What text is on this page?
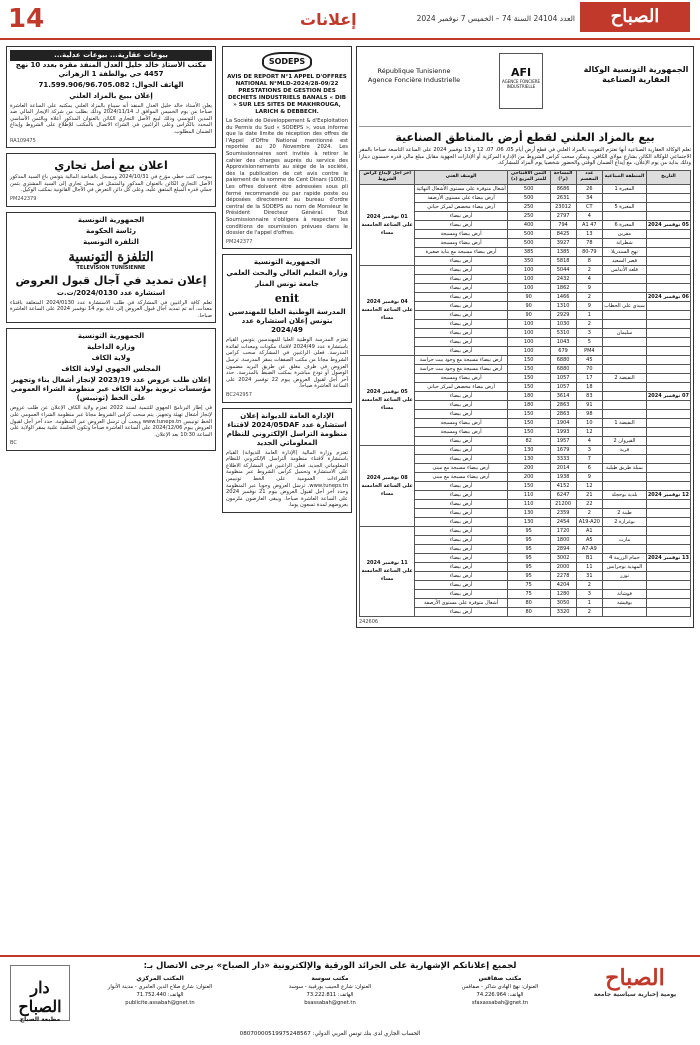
14	إعلانات	العدد 24104 السنة 74 – الخميس 7 نوفمبر 2024	الصباح
بيوعات عقارية... بيوعات عدلية...
مكتب الأستاذ خالد خليل العدل المنفذ مقره بعدد 10 نهج 4457 حي بوالطفة 1 الزهراني
الهاتف الجوال: 71.599.906/96.705.082
إعلان ببيع بالمزاد العلني
يعلن الأستاذ خالد خليل العدل المنفذ أنه سيباع بالمزاد العلني بمكتبه على الساعة العاشرة صباحا من يوم الخميس الموافق لـ 2024/11/14 وذلك بطلب من شركة الإيجار المالي ضد المدين التونسي وذلك لبيع الأصل التجاري الكائن بالعنوان المذكور أعلاه وبالثمن الأساسي المحدد بالكراس وعلى الراغبين في الشراء الاتصال بالمكتب للإطلاع على الشروط وإيداع الضمان المطلوب.
RA109475
اعلان بيع أصل تجاري
بموجب كتب خطي مؤرخ في 2024/10/31 ومسجل بالقباضة المالية بتونس باع السيد المذكور الأصل التجاري الكائن بالعنوان المذكور والمتمثل في محل تجاري إلى السيد المشتري بثمن جملي قدره المبلغ المتفق عليه، وعلى كل دائن التعرض في الآجال القانونية بمكتب الوكيل.
PM242379
الجمهورية التونسية
رئاسة الحكومة
التلفزة التونسية
التلفزة التونسية
TELEVISION TUNISIENNE
إعلان تمديد في آجال قبول العروض
استشارة عدد 2024/0130/ت.ت
تعلم كافة الراغبين في المشاركة في طلب الاستشارة عدد 2024/0130 المتعلقة باقتناء معدات، أنه تم تمديد آجال قبول العروض إلى غاية يوم 14 نوفمبر 2024 على الساعة العاشرة صباحا.
الجمهورية التونسية
وزارة الداخلية
ولاية الكاف
المجلس الجهوي لولاية الكاف
إعلان طلب عروض عدد 2023/19 لإنجاز أشغال بناء وتجهيز مؤسسات تربوية بولاية الكاف عبر منظومة الشراء العمومي على الخط (تونيبس)
في إطار البرنامج الجهوي للتنمية لسنة 2022 تعتزم ولاية الكاف الإعلان عن طلب عروض لإنجاز أشغال تهيئة وتجهيز. يتم سحب كراس الشروط مجانا عبر منظومة الشراء العمومي على الخط تونيبس www.tuneps.tn ويجب أن ترسل العروض عبر المنظومة. حدد آخر أجل لقبول العروض بيوم 2024/12/06 على الساعة العاشرة صباحا وتكون الجلسة علنية بمقر الولاية على الساعة 10:30 بعد الإعلان.
BC
SODEPS
AVIS DE REPORT N°1 APPEL D'OFFRES NATIONAL N°MLD-2024/28-09/22 PRESTATIONS DE GESTION DES DECHETS INDUSTRIELS BANALS « DIB » SUR LES SITES DE MAKHROUGA, LARICH & DEBBECH.
La Société de Développement & d'Exploitation du Permis du Sud « SODEPS », vous informe que la date limite de réception des offres de l'Appel d'Offre National mentionné est reportée au 20 Novembre 2024. Les Soumissionnaires sont invités à retirer le cahier des charges auprès du service des Approvisionnements au siège de la société, dès la publication de cet avis contre le paiement de la somme de Cent Dinars (100D). Les offres doivent être adressées sous pli fermé recommandé ou par rapide poste ou déposées directement au bureau d'ordre central de la SODEPS au nom de Monsieur le Président Directeur Général. Tout Soumissionnaire s'obligera à respecter les conditions de soumission prévues dans le dossier de l'appel d'offres.
PM242377
الجمهورية التونسية
وزارة التعليم العالي والبحث العلمي
جامعة تونس المنار
enit
المدرسة الوطنية العليا للمهندسين بتونس إعلان استشارة عدد 2024/49
تعتزم المدرسة الوطنية العليا للمهندسين بتونس القيام باستشارة عدد 2024/49 لاقتناء مكونات ومعدات لفائدة المدرسة. فعلى الراغبين في المشاركة سحب كراس الشروط مجانا من مكتب الصفقات بمقر المدرسة. ترسل العروض في ظرف مغلق عن طريق البريد مضمون الوصول أو تودع مباشرة بمكتب الضبط بالمدرسة. حدد آخر أجل لقبول العروض بيوم 22 نوفمبر 2024 على الساعة العاشرة صباحا.
BC242957
الإدارة العامة للديوانة إعلان استشارة عدد 2024/05DAF لاقتناء منظومة التراسل الإلكتروني للنظام المعلوماتي الجديد
تعتزم وزارة المالية (الإدارة العامة للديوانة) القيام باستشارة لاقتناء منظومة التراسل الإلكتروني للنظام المعلوماتي الجديد. فعلى الراغبين في المشاركة الاطلاع على الاستشارة وتحميل كراس الشروط عبر منظومة الشراءات العمومية على الخط تونيبس www.tuneps.tn. ترسل العروض وجوبا عبر المنظومة وحدد آخر أجل لقبول العروض بيوم 21 نوفمبر 2024 على الساعة العاشرة صباحا. ويبقى العارضون ملزمون بعروضهم لمدة تسعون يوما.
الجمهورية التونسية الوكالة العقارية الصناعية
AFI
AGENCE FONCIERE INDUSTRIELLE
République Tunisienne
Agence Foncière Industrielle
بيع بالمزاد العلني لقطع أرض بالمناطق الصناعية
تعلم الوكالة العقارية الصناعية أنها تعتزم التفويت بالمزاد العلني في قطع أرض أيام 05، 06، 07، 12 و 13 نوفمبر 2024 على الساعة التاسعة صباحا بالمقر الاجتماعي للوكالة الكائن بشارع مولاي الكافي. ويمكن سحب كراس الشروط من الإدارة المركزية أو الإدارات الجهوية مقابل مبلغ مالي قدره خمسون دينارا وذلك بداية من يوم الإعلان، مع إيداع الضمان الوقتي والحضور شخصيا يوم المزاد للمشاركة.
التاريخ	المنطقة الصناعية	عدد المقسم	المساحة (م²)	الثمن الافتتاحي للمتر المربع (د)	الوصف الفني	آخر أجل لإيداع كراس الشروط
	المغيرة 1	26	8686	500	أشغال متوفرة على مستوى الأشغال النهائية	01 نوفمبر 2024 على الساعة الخامسة مساء
		34	2631	500	أرض بيضاء على مستوى الأرصفة	
	المغيرة 5	CT	23012	250	أرض بيضاء مخصص لمركز حياتي	
		4	2797	250	أرض بيضاء	
05 نوفمبر 2024	المغيرة 6	47 A1	794	400	أرض بيضاء	
	مقرين	13	8425	500	أرض بيضاء ومسيجة	
	شطرانة	78	3927	500	أرض بيضاء ومسيجة	
	نهج السندريلا	80-79	1385	385	أرض بيضاء مسيجة مع بناية صغيرة	
	قصر السعيد	8	5818	350	أرض بيضاء	
	قلعة الأندلس	2	5044	100	أرض بيضاء	04 نوفمبر 2024 على الساعة الخامسة مساء
		4	2432	100	أرض بيضاء	
		9	1862	100	أرض بيضاء	
06 نوفمبر 2024		2	1466	90	أرض بيضاء	
	سيدي علي الحطاب	9	1310	90	أرض بيضاء	
		1	2929	90	أرض بيضاء	
		2	1030	100	أرض بيضاء	
	سليمان	3	5310	100	أرض بيضاء	
		5	1043	100	أرض بيضاء	
		PM4	679	100	أرض بيضاء	
		45	6880	150	أرض بيضاء مسيجة مع وجود بيت حراسة	05 نوفمبر 2024 على الساعة الخامسة مساء
		70	6880	150	أرض بيضاء مسيجة مع وجود بيت حراسة	
	النفيضة 2	17	1057	150	أرض بيضاء ومسيجة	
		18	1057	150	أرض بيضاء مخصص لمركز حياتي	
07 نوفمبر 2024		83	3614	180	أرض بيضاء	
		91	2863	180	أرض بيضاء	
		98	2863	150	أرض بيضاء	
	النفيضة 1	10	1904	150	أرض بيضاء ومسيجة	
		12	1993	150	أرض بيضاء ومسيجة	
	القيروان 2	4	1957	82	أرض بيضاء	
	قربة	3	1679	130	أرض بيضاء	08 نوفمبر 2024 على الساعة الخامسة مساء
		7	3333	130	أرض بيضاء	
	بمبلة طريق طبلبة	6	2014	200	أرض بيضاء مسيجة مع مبنى	
		9	1938	200	أرض بيضاء مسيجة مع مبنى	
		12	4152	150	أرض بيضاء	
12 نوفمبر 2024	بلدية بوحجلة	21	6247	110	أرض بيضاء	
		22	21200	110	أرض بيضاء	
	طينة 2	2	2359	130	أرض بيضاء	
	بوغرارة 2	A19-A20	2454	130	أرض بيضاء	
		A1	1720	95	أرض بيضاء	11 نوفمبر 2024 على الساعة الخامسة مساء
	مارث	A5	1800	95	أرض بيضاء	
		A7-A9	2894	95	أرض بيضاء	
13 نوفمبر 2024	حمام الزريبة 4	B1	3002	95	أرض بيضاء	
	المهدية بوجرانس	11	2000	95	أرض بيضاء	
	توزر	31	2278	95	أرض بيضاء	
		2	4204	75	أرض بيضاء	
	فوشانة	3	1280	75	أرض بيضاء	
	بوفيشة	1	3050	80	أشغال متوفرة على مستوى الأرصفة	
		2	3320	80	أرض بيضاء	
242606
دار الصباح
مطبعة الصباح
لجميع إعلاناتكم الإشهارية على الجرائد الورقية والإلكترونية «دار الصباح» يرجى الاتصال بـ:
المكتب المركزي
العنوان: شارع صلاح الدين العامري - مدينة الأنوار
الهاتف: 71.752.440
publicite.assabah@gnet.tn
مكتب سوسة
العنوان: شارع الحبيب بورقيبة - سوسة
الهاتف: 73.222.811
bsassabah@gnet.tn
مكتب صفاقس
العنوان: نهج الهادي شاكر - صفاقس
الهاتف: 74.226.964
sfaxassabah@gnet.tn
الحساب الجاري لدى بنك تونس العربي الدولي: 08070000519975248567
الصباح
يومية إخبارية سياسية جامعة
